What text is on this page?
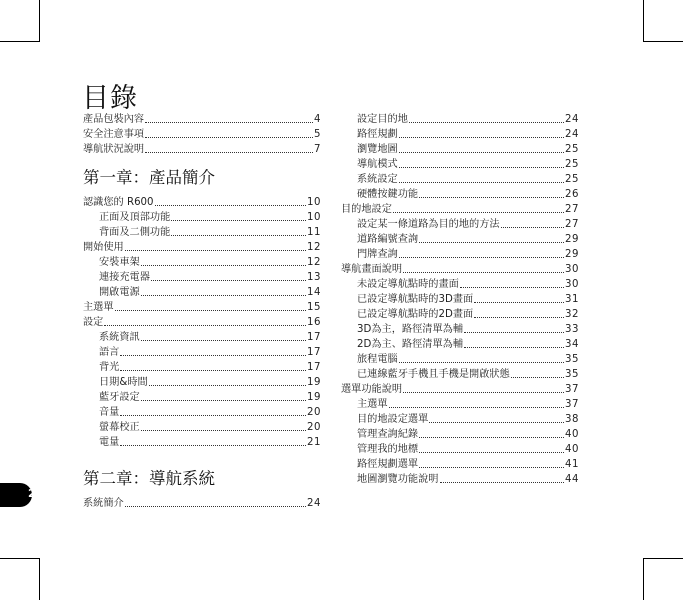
目錄
產品包裝內容	4
安全注意事項	5
導航狀況說明	7
第一章：產品簡介
認識您的 R600	10
正面及頂部功能	10
背面及二側功能	11
開始使用	12
安裝車架	12
連接充電器	13
開啟電源	14
主選單	15
設定	16
系統資訊	17
語言	17
背光	17
日期&時間	19
藍牙設定	19
音量	20
螢幕校正	20
電量	21
第二章：導航系統
系統簡介	24
設定目的地	24
路徑規劃	24
瀏覽地圖	25
導航模式	25
系統設定	25
硬體按鍵功能	26
目的地設定	27
設定某一條道路為目的地的方法	27
道路編號查詢	29
門牌查詢	29
導航畫面說明	30
未設定導航點時的畫面	30
已設定導航點時的3D畫面	31
已設定導航點時的2D畫面	32
3D為主，路徑清單為輔	33
2D為主、路徑清單為輔	34
旅程電腦	35
已連線藍牙手機且手機是開啟狀態	35
選單功能說明	37
主選單	37
目的地設定選單	38
管理查詢紀錄	40
管理我的地標	40
路徑規劃選單	41
地圖瀏覽功能說明	44
2
